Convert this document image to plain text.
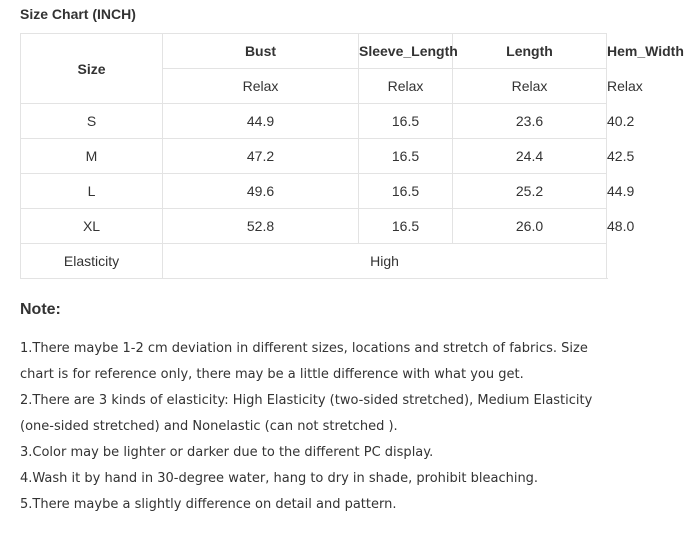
Size Chart (INCH)
Size	Bust	Sleeve_Length	Length	Hem_Width
	Relax	Relax	Relax	Relax
S	44.9	16.5	23.6	40.2
M	47.2	16.5	24.4	42.5
L	49.6	16.5	25.2	44.9
XL	52.8	16.5	26.0	48.0
Elasticity	High			
Note:
1.There maybe 1-2 cm deviation in different sizes, locations and stretch of fabrics. Size chart is for reference only, there may be a little difference with what you get.
2.There are 3 kinds of elasticity: High Elasticity (two-sided stretched), Medium Elasticity (one-sided stretched) and Nonelastic (can not stretched ).
3.Color may be lighter or darker due to the different PC display.
4.Wash it by hand in 30-degree water, hang to dry in shade, prohibit bleaching.
5.There maybe a slightly difference on detail and pattern.
